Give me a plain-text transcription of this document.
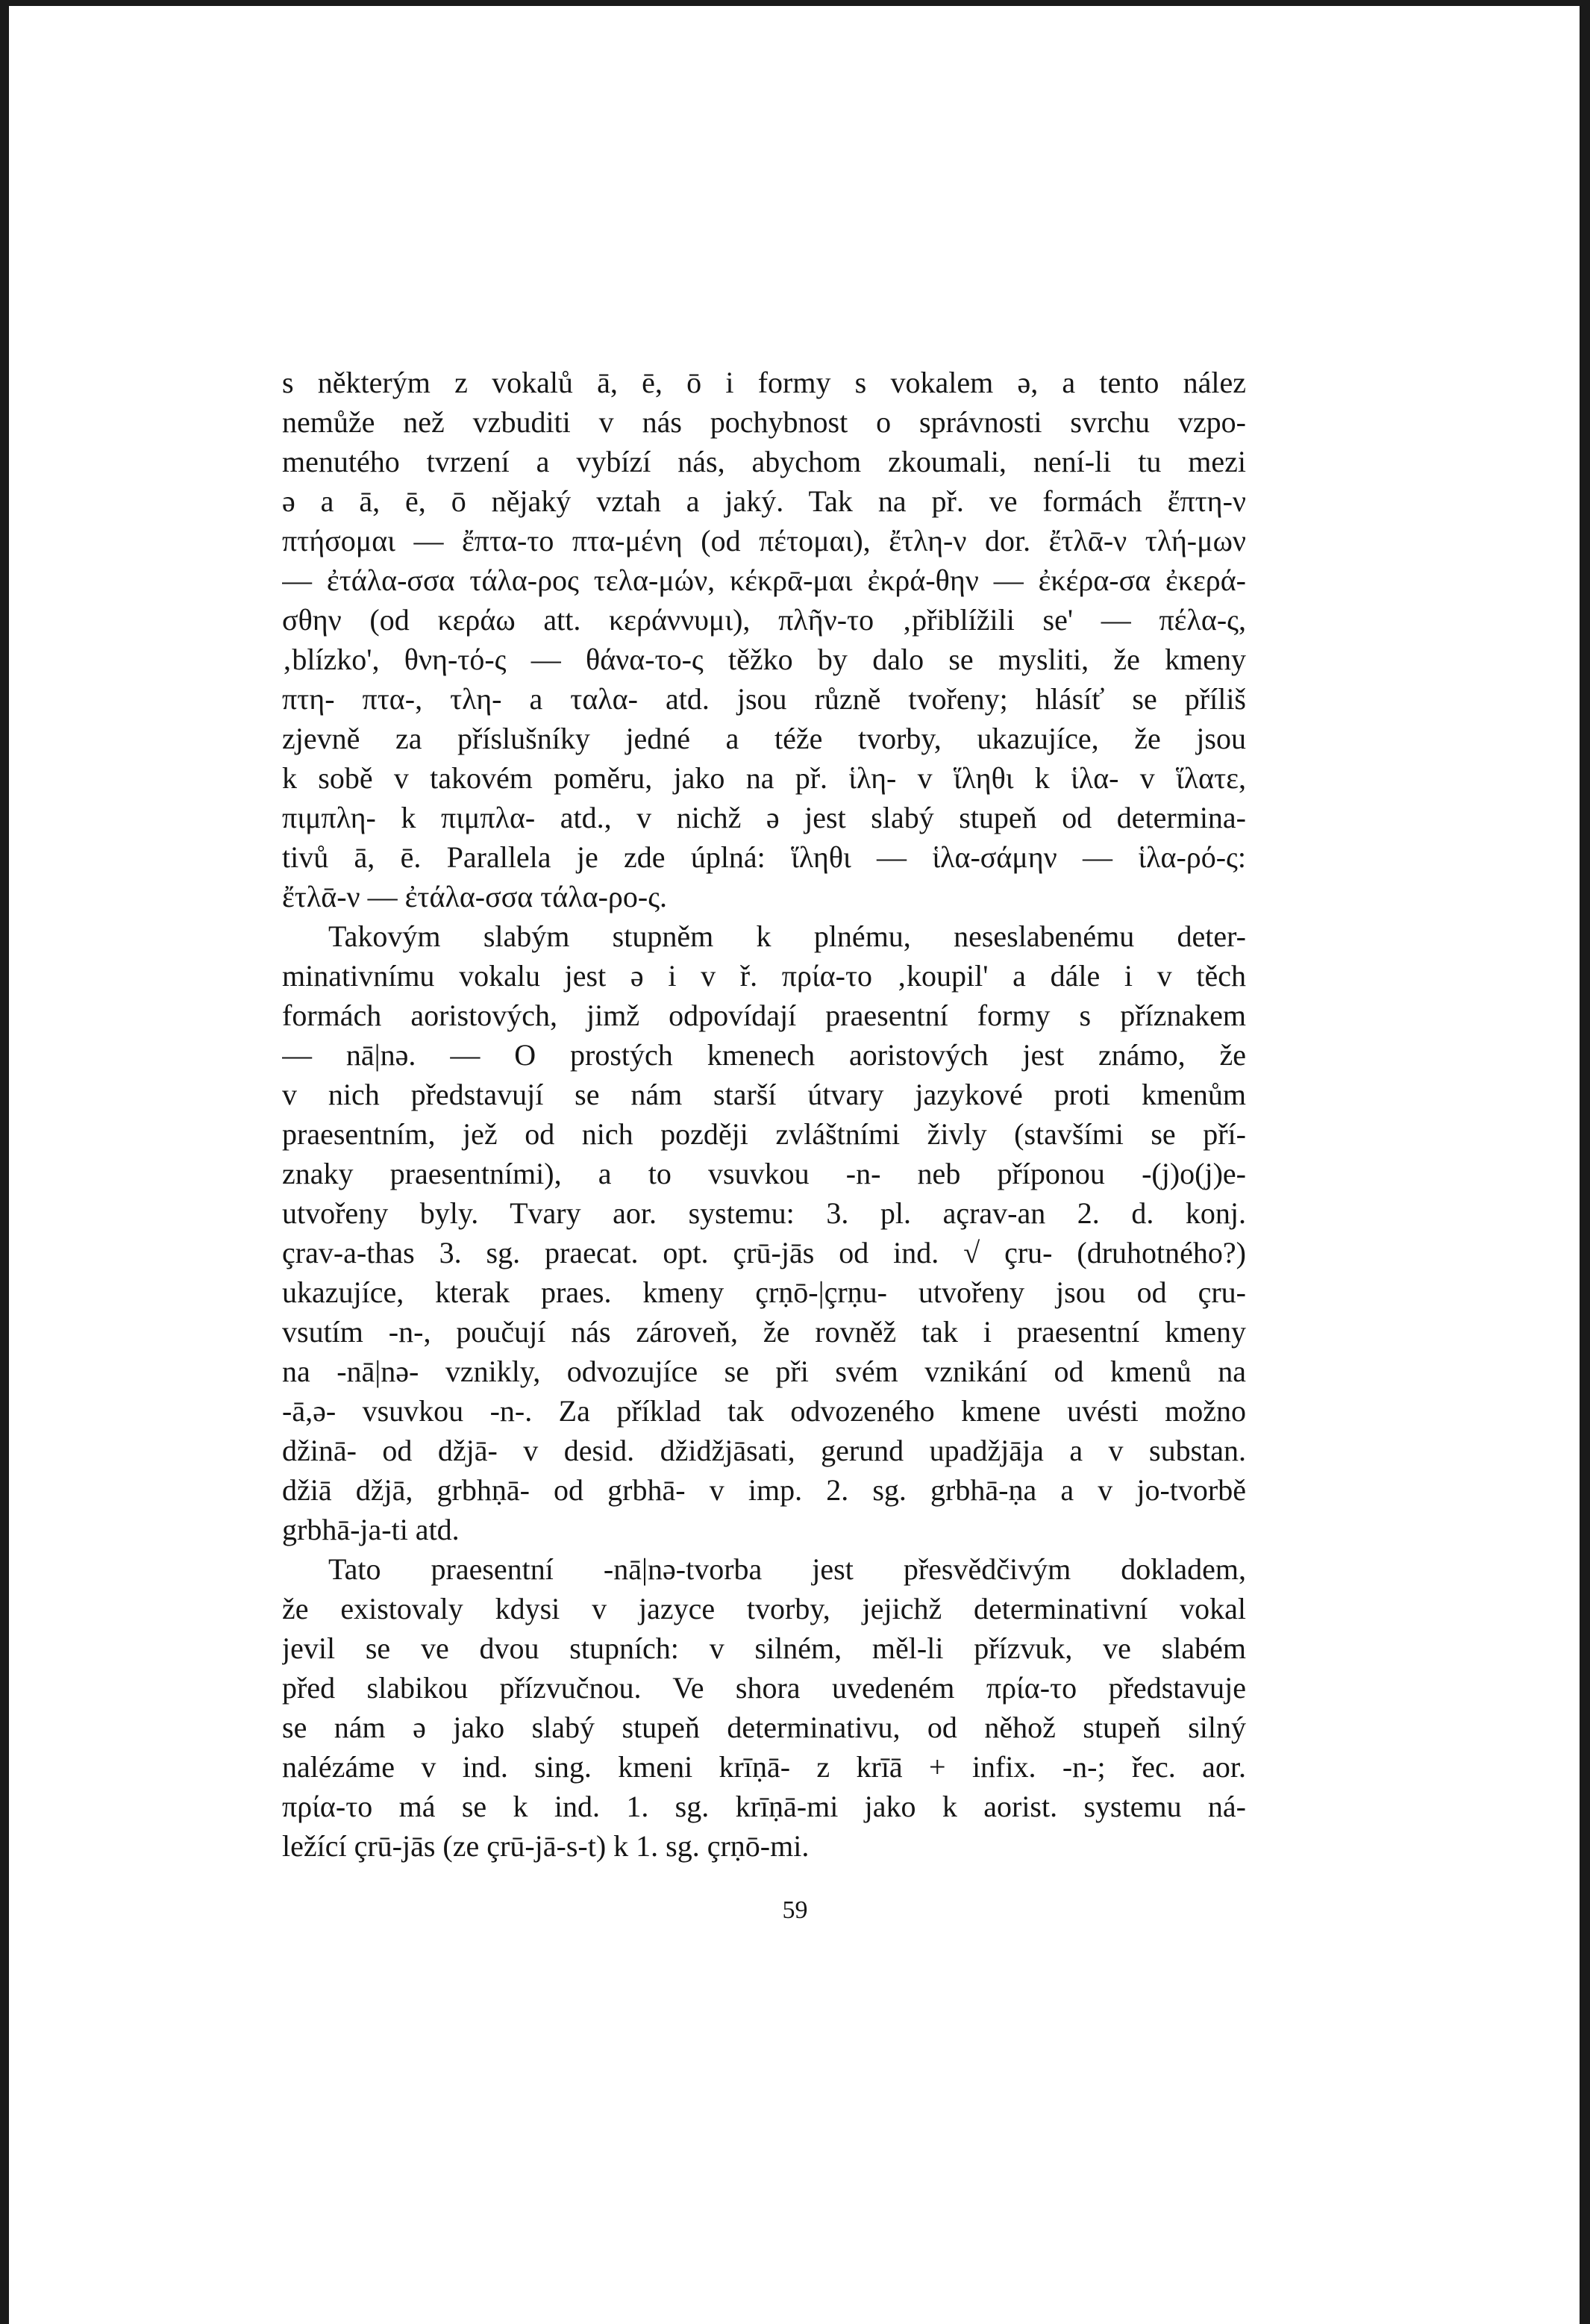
s některým z vokalů ā, ē, ō i formy s vokalem ə, a tento nález
nemůže než vzbuditi v nás pochybnost o správnosti svrchu vzpo-
menutého tvrzení a vybízí nás, abychom zkoumali, není-li tu mezi
ə a ā, ē, ō nějaký vztah a jaký. Tak na př. ve formách ἔπτη-ν
πτήσομαι — ἔπτα-το πτα-μένη (od πέτομαι), ἔτλη-ν dor. ἔτλᾱ-ν τλή-μων
— ἐτάλα-σσα τάλα-ρος τελα-μών, κέκρᾱ-μαι ἐκρά-θην — ἐκέρα-σα ἐκερά-
σθην (od κεράω att. κεράννυμι), πλῆν-το ‚přiblížili se' — πέλα-ς,
‚blízko', θνη-τό-ς — θάνα-το-ς těžko by dalo se mysliti, že kmeny
πτη- πτα-, τλη- a ταλα- atd. jsou různě tvořeny; hlásíť se příliš
zjevně za příslušníky jedné a téže tvorby, ukazujíce, že jsou
k sobě v takovém poměru, jako na př. ἱλη- v ἵληθι k ἱλα- v ἵλατε,
πιμπλη- k πιμπλα- atd., v nichž ə jest slabý stupeň od determina-
tivů ā, ē. Parallela je zde úplná: ἵληθι — ἱλα-σάμην — ἱλα-ρό-ς:
ἔτλᾱ-ν — ἐτάλα-σσα τάλα-ρο-ς.
Takovým slabým stupněm k plnému, neseslabenému deter-
minativnímu vokalu jest ə i v ř. πρία-το ‚koupil' a dále i v těch
formách aoristových, jimž odpovídají praesentní formy s příznakem
— nā|nə. — O prostých kmenech aoristových jest známo, že
v nich představují se nám starší útvary jazykové proti kmenům
praesentním, jež od nich později zvláštními živly (stavšími se pří-
znaky praesentními), a to vsuvkou -n- neb příponou -(j)o(j)e-
utvořeny byly. Tvary aor. systemu: 3. pl. açrav-an 2. d. konj.
çrav-a-thas 3. sg. praecat. opt. çrū-jās od ind. √ çru- (druhotného?)
ukazujíce, kterak praes. kmeny çrṇō-|çrṇu- utvořeny jsou od çru-
vsutím -n-, poučují nás zároveň, že rovněž tak i praesentní kmeny
na -nā|nə- vznikly, odvozujíce se při svém vznikání od kmenů na
-ā,ə- vsuvkou -n-. Za příklad tak odvozeného kmene uvésti možno
džinā- od džjā- v desid. džidžjāsati, gerund upadžjāja a v substan.
džiā džjā, grbhṇā- od grbhā- v imp. 2. sg. grbhā-ṇa a v jo-tvorbě
grbhā-ja-ti atd.
Tato praesentní -nā|nə-tvorba jest přesvědčivým dokladem,
že existovaly kdysi v jazyce tvorby, jejichž determinativní vokal
jevil se ve dvou stupních: v silném, měl-li přízvuk, ve slabém
před slabikou přízvučnou. Ve shora uvedeném πρία-το představuje
se nám ə jako slabý stupeň determinativu, od něhož stupeň silný
nalézáme v ind. sing. kmeni krīṇā- z krīā + infix. -n-; řec. aor.
πρία-το má se k ind. 1. sg. krīṇā-mi jako k aorist. systemu ná-
ležící çrū-jās (ze çrū-jā-s-t) k 1. sg. çrṇō-mi.
59
